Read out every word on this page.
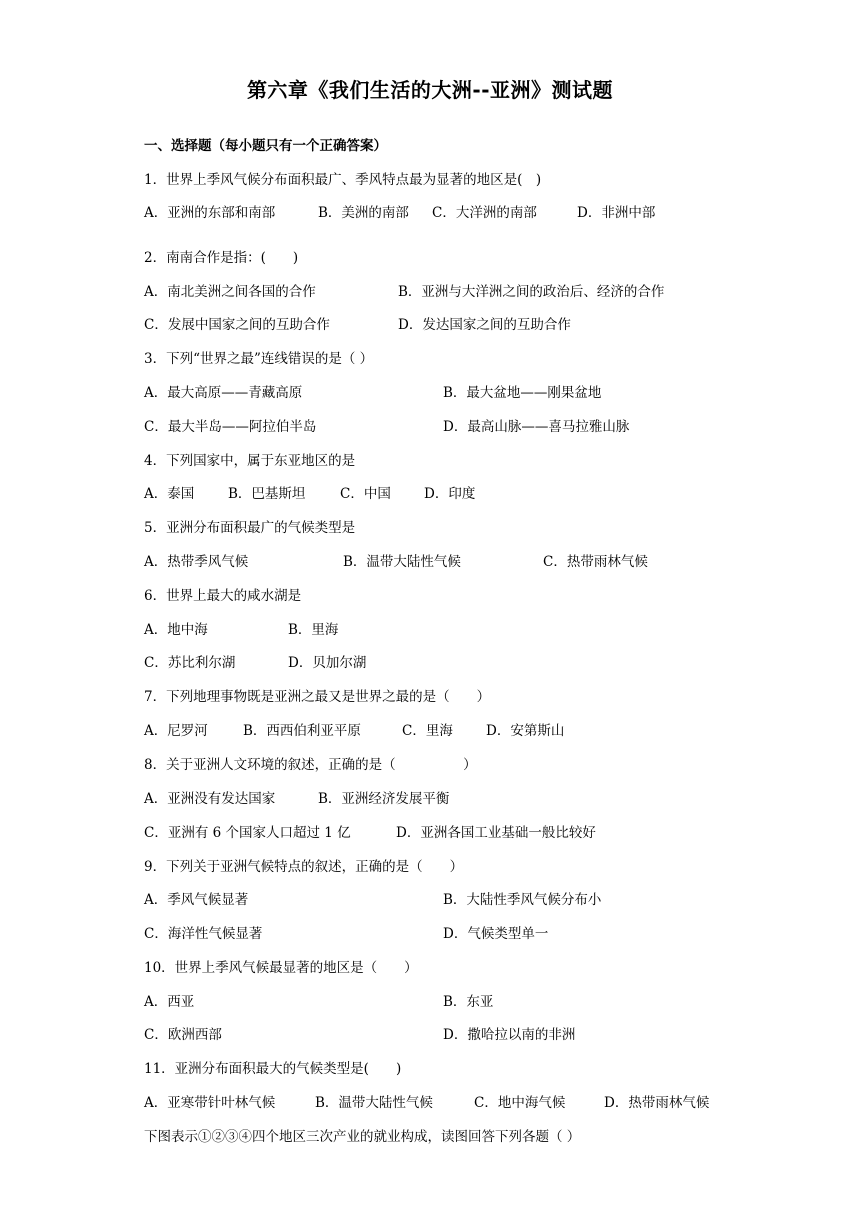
第六章《我们生活的大洲--亚洲》测试题
一、选择题（每小题只有一个正确答案）
1．世界上季风气候分布面积最广、季风特点最为显著的地区是(　)
A．亚洲的东部和南部	B．美洲的南部 C．大洋洲的南部	D．非洲中部
2．南南合作是指：(　　)
A．南北美洲之间各国的合作	B．亚洲与大洋洲之间的政治后、经济的合作
C．发展中国家之间的互助合作	D．发达国家之间的互助合作
3．下列“世界之最”连线错误的是（ ）
A．最大高原——青藏高原	B．最大盆地——刚果盆地
C．最大半岛——阿拉伯半岛	D．最高山脉——喜马拉雅山脉
4．下列国家中，属于东亚地区的是
A．泰国	B．巴基斯坦	C．中国 D．印度
5．亚洲分布面积最广的气候类型是
A．热带季风气候	B．温带大陆性气候	C．热带雨林气候
6．世界上最大的咸水湖是
A．地中海	B．里海
C．苏比利尔湖	D．贝加尔湖
7．下列地理事物既是亚洲之最又是世界之最的是（　　）
A．尼罗河	B．西西伯利亚平原	C．里海 D．安第斯山
8．关于亚洲人文环境的叙述，正确的是（　　　　　）
A．亚洲没有发达国家	B．亚洲经济发展平衡
C．亚洲有 6 个国家人口超过 1 亿	D．亚洲各国工业基础一般比较好
9．下列关于亚洲气候特点的叙述，正确的是（　　）
A．季风气候显著	B．大陆性季风气候分布小
C．海洋性气候显著	D．气候类型单一
10．世界上季风气候最显著的地区是（　　）
A．西亚	B．东亚
C．欧洲西部	D．撒哈拉以南的非洲
11．亚洲分布面积最大的气候类型是(　　)
A．亚寒带针叶林气候	B．温带大陆性气候	C．地中海气候	D．热带雨林气候
下图表示①②③④四个地区三次产业的就业构成，读图回答下列各题（ ）
